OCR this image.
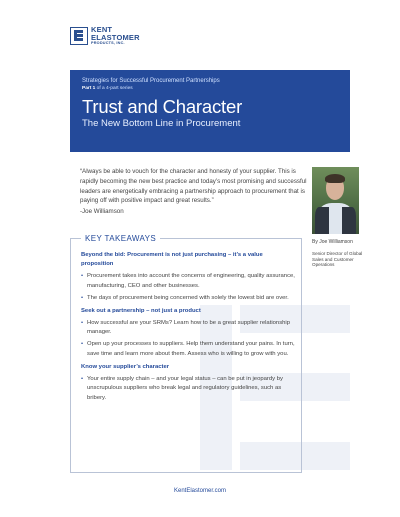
KENT
ELASTOMER
PRODUCTS, INC.
Strategies for Successful Procurement Partnerships
Part 1 of a 4-part series
Trust and Character
The New Bottom Line in Procurement
“Always be able to vouch for the character and honesty of your supplier. This is rapidly becoming the new best practice and today’s most promising and successful leaders are energetically embracing a partnership approach to procurement that is paying off with positive impact and great results.”
-Joe Williamson
By Joe Williamson
Senior Director of Global Sales and Customer Operations
KEY TAKEAWAYS
Beyond the bid: Procurement is not just purchasing – it’s a value proposition
• Procurement takes into account the concerns of engineering, quality assurance, manufacturing, CEO and other businesses.
• The days of procurement being concerned with solely the lowest bid are over.
Seek out a partnership – not just a product
• How successful are your SRMs? Learn how to be a great supplier relationship manager.
• Open up your processes to suppliers. Help them understand your pains. In turn, save time and learn more about them. Assess who is willing to grow with you.
Know your supplier’s character
• Your entire supply chain – and your legal status – can be put in jeopardy by unscrupulous suppliers who break legal and regulatory guidelines, such as bribery.
KentElastomer.com
